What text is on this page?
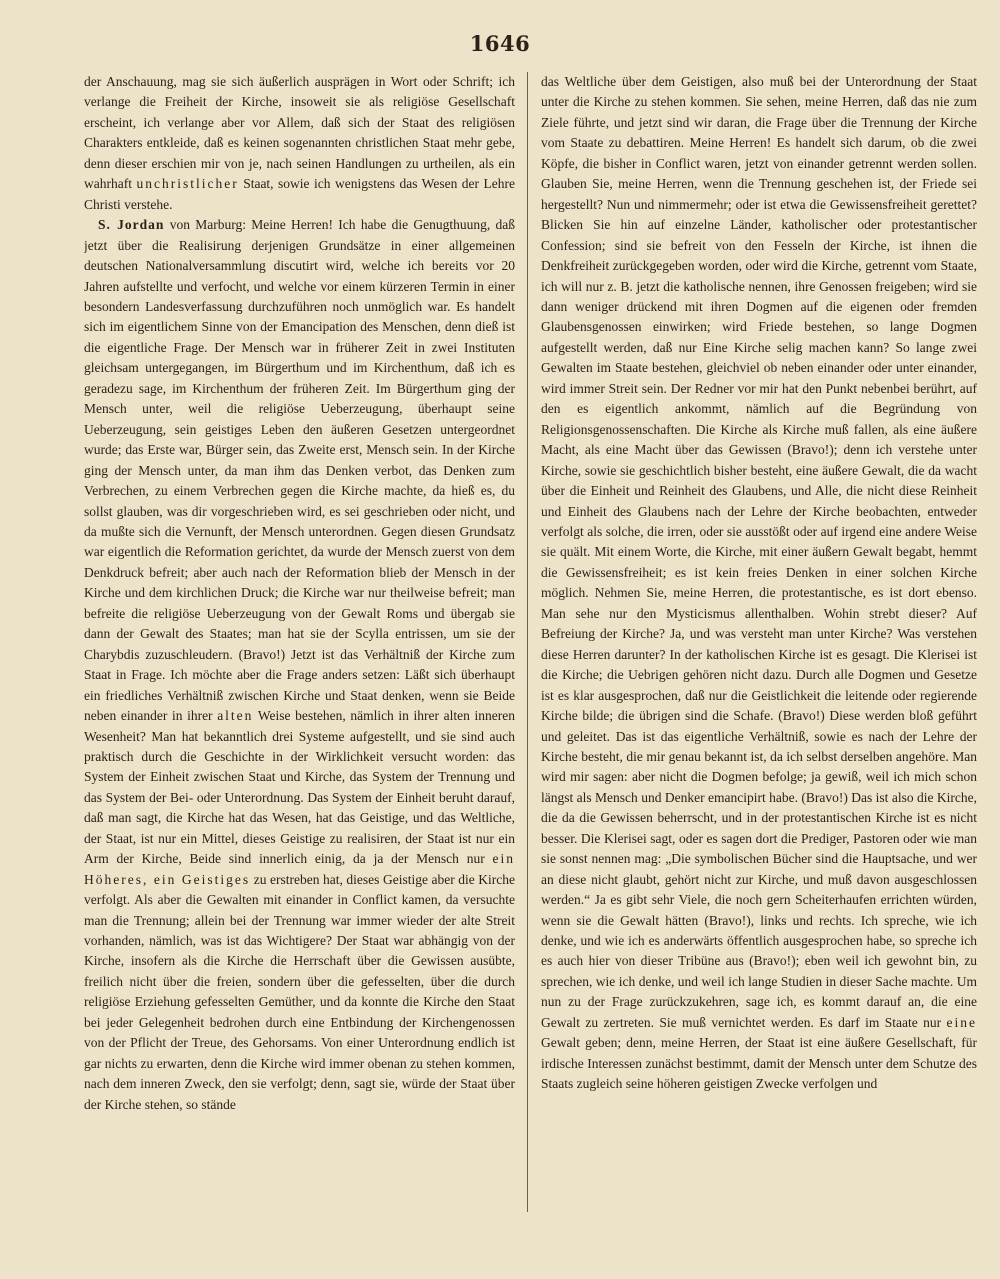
1646

der Anschauung, mag sie sich äußerlich ausprägen in Wort oder Schrift; ich verlange die Freiheit der Kirche, insoweit sie als religiöse Gesellschaft erscheint, ich verlange aber vor Allem, daß sich der Staat des religiösen Charakters entkleide, daß es keinen sogenannten christlichen Staat mehr gebe, denn dieser erschien mir von je, nach seinen Handlungen zu urtheilen, als ein wahrhaft unchristlicher Staat, sowie ich wenigstens das Wesen der Lehre Christi verstehe.

S. Jordan von Marburg: Meine Herren! Ich habe die Genugthuung, daß jetzt über die Realisirung derjenigen Grundsätze in einer allgemeinen deutschen Nationalversammlung discutirt wird, welche ich bereits vor 20 Jahren aufstellte und verfocht, und welche vor einem kürzeren Termin in einer besondern Landesverfassung durchzuführen noch unmöglich war. Es handelt sich im eigentlichem Sinne von der Emancipation des Menschen, denn dieß ist die eigentliche Frage. Der Mensch war in früherer Zeit in zwei Instituten gleichsam untergegangen, im Bürgerthum und im Kirchenthum, daß ich es geradezu sage, im Kirchenthum der früheren Zeit. Im Bürgerthum ging der Mensch unter, weil die religiöse Ueberzeugung, überhaupt seine Ueberzeugung, sein geistiges Leben den äußeren Gesetzen untergeordnet wurde; das Erste war, Bürger sein, das Zweite erst, Mensch sein. In der Kirche ging der Mensch unter, da man ihm das Denken verbot, das Denken zum Verbrechen, zu einem Verbrechen gegen die Kirche machte, da hieß es, du sollst glauben, was dir vorgeschrieben wird, es sei geschrieben oder nicht, und da mußte sich die Vernunft, der Mensch unterordnen. Gegen diesen Grundsatz war eigentlich die Reformation gerichtet, da wurde der Mensch zuerst von dem Denkdruck befreit; aber auch nach der Reformation blieb der Mensch in der Kirche und dem kirchlichen Druck; die Kirche war nur theilweise befreit; man befreite die religiöse Ueberzeugung von der Gewalt Roms und übergab sie dann der Gewalt des Staates; man hat sie der Scylla entrissen, um sie der Charybdis zuzuschleudern. (Bravo!) Jetzt ist das Verhältniß der Kirche zum Staat in Frage. Ich möchte aber die Frage anders setzen: Läßt sich überhaupt ein friedliches Verhältniß zwischen Kirche und Staat denken, wenn sie Beide neben einander in ihrer alten Weise bestehen, nämlich in ihrer alten inneren Wesenheit? Man hat bekanntlich drei Systeme aufgestellt, und sie sind auch praktisch durch die Geschichte in der Wirklichkeit versucht worden: das System der Einheit zwischen Staat und Kirche, das System der Trennung und das System der Bei- oder Unterordnung. Das System der Einheit beruht darauf, daß man sagt, die Kirche hat das Wesen, hat das Geistige, und das Weltliche, der Staat, ist nur ein Mittel, dieses Geistige zu realisiren, der Staat ist nur ein Arm der Kirche, Beide sind innerlich einig, da ja der Mensch nur ein Höheres, ein Geistiges zu erstreben hat, dieses Geistige aber die Kirche verfolgt. Als aber die Gewalten mit einander in Conflict kamen, da versuchte man die Trennung; allein bei der Trennung war immer wieder der alte Streit vorhanden, nämlich, was ist das Wichtigere? Der Staat war abhängig von der Kirche, insofern als die Kirche die Herrschaft über die Gewissen ausübte, freilich nicht über die freien, sondern über die gefesselten, über die durch religiöse Erziehung gefesselten Gemüther, und da konnte die Kirche den Staat bei jeder Gelegenheit bedrohen durch eine Entbindung der Kirchengenossen von der Pflicht der Treue, des Gehorsams. Von einer Unterordnung endlich ist gar nichts zu erwarten, denn die Kirche wird immer obenan zu stehen kommen, nach dem inneren Zweck, den sie verfolgt; denn, sagt sie, würde der Staat über der Kirche stehen, so stände

das Weltliche über dem Geistigen, also muß bei der Unterordnung der Staat unter die Kirche zu stehen kommen. Sie sehen, meine Herren, daß das nie zum Ziele führte, und jetzt sind wir daran, die Frage über die Trennung der Kirche vom Staate zu debattiren. Meine Herren! Es handelt sich darum, ob die zwei Köpfe, die bisher in Conflict waren, jetzt von einander getrennt werden sollen. Glauben Sie, meine Herren, wenn die Trennung geschehen ist, der Friede sei hergestellt? Nun und nimmermehr; oder ist etwa die Gewissensfreiheit gerettet? Blicken Sie hin auf einzelne Länder, katholischer oder protestantischer Confession; sind sie befreit von den Fesseln der Kirche, ist ihnen die Denkfreiheit zurückgegeben worden, oder wird die Kirche, getrennt vom Staate, ich will nur z. B. jetzt die katholische nennen, ihre Genossen freigeben; wird sie dann weniger drückend mit ihren Dogmen auf die eigenen oder fremden Glaubensgenossen einwirken; wird Friede bestehen, so lange Dogmen aufgestellt werden, daß nur Eine Kirche selig machen kann? So lange zwei Gewalten im Staate bestehen, gleichviel ob neben einander oder unter einander, wird immer Streit sein. Der Redner vor mir hat den Punkt nebenbei berührt, auf den es eigentlich ankommt, nämlich auf die Begründung von Religionsgenossenschaften. Die Kirche als Kirche muß fallen, als eine äußere Macht, als eine Macht über das Gewissen (Bravo!); denn ich verstehe unter Kirche, sowie sie geschichtlich bisher besteht, eine äußere Gewalt, die da wacht über die Einheit und Reinheit des Glaubens, und Alle, die nicht diese Reinheit und Einheit des Glaubens nach der Lehre der Kirche beobachten, entweder verfolgt als solche, die irren, oder sie ausstößt oder auf irgend eine andere Weise sie quält. Mit einem Worte, die Kirche, mit einer äußern Gewalt begabt, hemmt die Gewissensfreiheit; es ist kein freies Denken in einer solchen Kirche möglich. Nehmen Sie, meine Herren, die protestantische, es ist dort ebenso. Man sehe nur den Mysticismus allenthalben. Wohin strebt dieser? Auf Befreiung der Kirche? Ja, und was versteht man unter Kirche? Was verstehen diese Herren darunter? In der katholischen Kirche ist es gesagt. Die Klerisei ist die Kirche; die Uebrigen gehören nicht dazu. Durch alle Dogmen und Gesetze ist es klar ausgesprochen, daß nur die Geistlichkeit die leitende oder regierende Kirche bilde; die übrigen sind die Schafe. (Bravo!) Diese werden bloß geführt und geleitet. Das ist das eigentliche Verhältniß, sowie es nach der Lehre der Kirche besteht, die mir genau bekannt ist, da ich selbst derselben angehöre. Man wird mir sagen: aber nicht die Dogmen befolge; ja gewiß, weil ich mich schon längst als Mensch und Denker emancipirt habe. (Bravo!) Das ist also die Kirche, die da die Gewissen beherrscht, und in der protestantischen Kirche ist es nicht besser. Die Klerisei sagt, oder es sagen dort die Prediger, Pastoren oder wie man sie sonst nennen mag: „Die symbolischen Bücher sind die Hauptsache, und wer an diese nicht glaubt, gehört nicht zur Kirche, und muß davon ausgeschlossen werden.“ Ja es gibt sehr Viele, die noch gern Scheiterhaufen errichten würden, wenn sie die Gewalt hätten (Bravo!), links und rechts. Ich spreche, wie ich denke, und wie ich es anderwärts öffentlich ausgesprochen habe, so spreche ich es auch hier von dieser Tribüne aus (Bravo!); eben weil ich gewohnt bin, zu sprechen, wie ich denke, und weil ich lange Studien in dieser Sache machte. Um nun zu der Frage zurückzukehren, sage ich, es kommt darauf an, die eine Gewalt zu zertreten. Sie muß vernichtet werden. Es darf im Staate nur eine Gewalt geben; denn, meine Herren, der Staat ist eine äußere Gesellschaft, für irdische Interessen zunächst bestimmt, damit der Mensch unter dem Schutze des Staats zugleich seine höheren geistigen Zwecke verfolgen und
